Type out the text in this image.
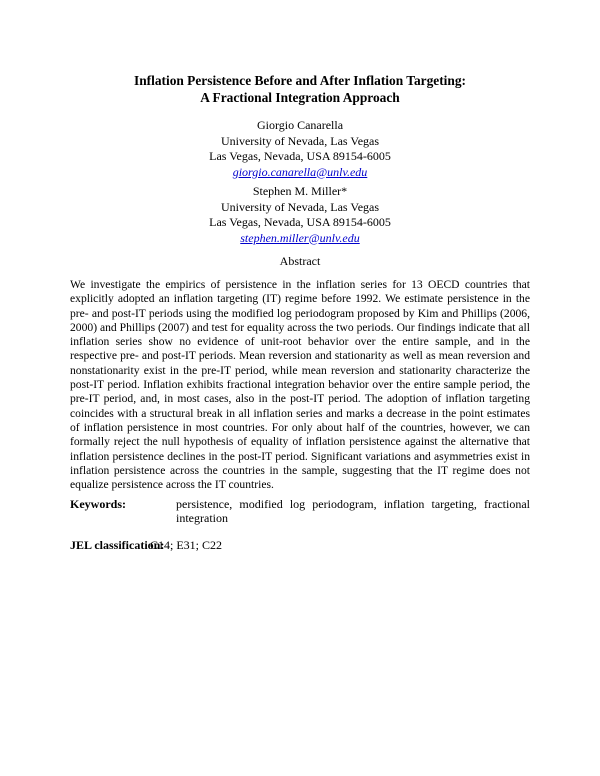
Inflation Persistence Before and After Inflation Targeting:
A Fractional Integration Approach
Giorgio Canarella
University of Nevada, Las Vegas
Las Vegas, Nevada, USA 89154-6005
giorgio.canarella@unlv.edu
Stephen M. Miller*
University of Nevada, Las Vegas
Las Vegas, Nevada, USA 89154-6005
stephen.miller@unlv.edu
Abstract
We investigate the empirics of persistence in the inflation series for 13 OECD countries that explicitly adopted an inflation targeting (IT) regime before 1992. We estimate persistence in the pre- and post-IT periods using the modified log periodogram proposed by Kim and Phillips (2006, 2000) and Phillips (2007) and test for equality across the two periods. Our findings indicate that all inflation series show no evidence of unit-root behavior over the entire sample, and in the respective pre- and post-IT periods. Mean reversion and stationarity as well as mean reversion and nonstationarity exist in the pre-IT period, while mean reversion and stationarity characterize the post-IT period. Inflation exhibits fractional integration behavior over the entire sample period, the pre-IT period, and, in most cases, also in the post-IT period. The adoption of inflation targeting coincides with a structural break in all inflation series and marks a decrease in the point estimates of inflation persistence in most countries. For only about half of the countries, however, we can formally reject the null hypothesis of equality of inflation persistence against the alternative that inflation persistence declines in the post-IT period. Significant variations and asymmetries exist in inflation persistence across the countries in the sample, suggesting that the IT regime does not equalize persistence across the IT countries.
Keywords:	persistence, modified log periodogram, inflation targeting, fractional integration
JEL classification:
C14; E31; C22
